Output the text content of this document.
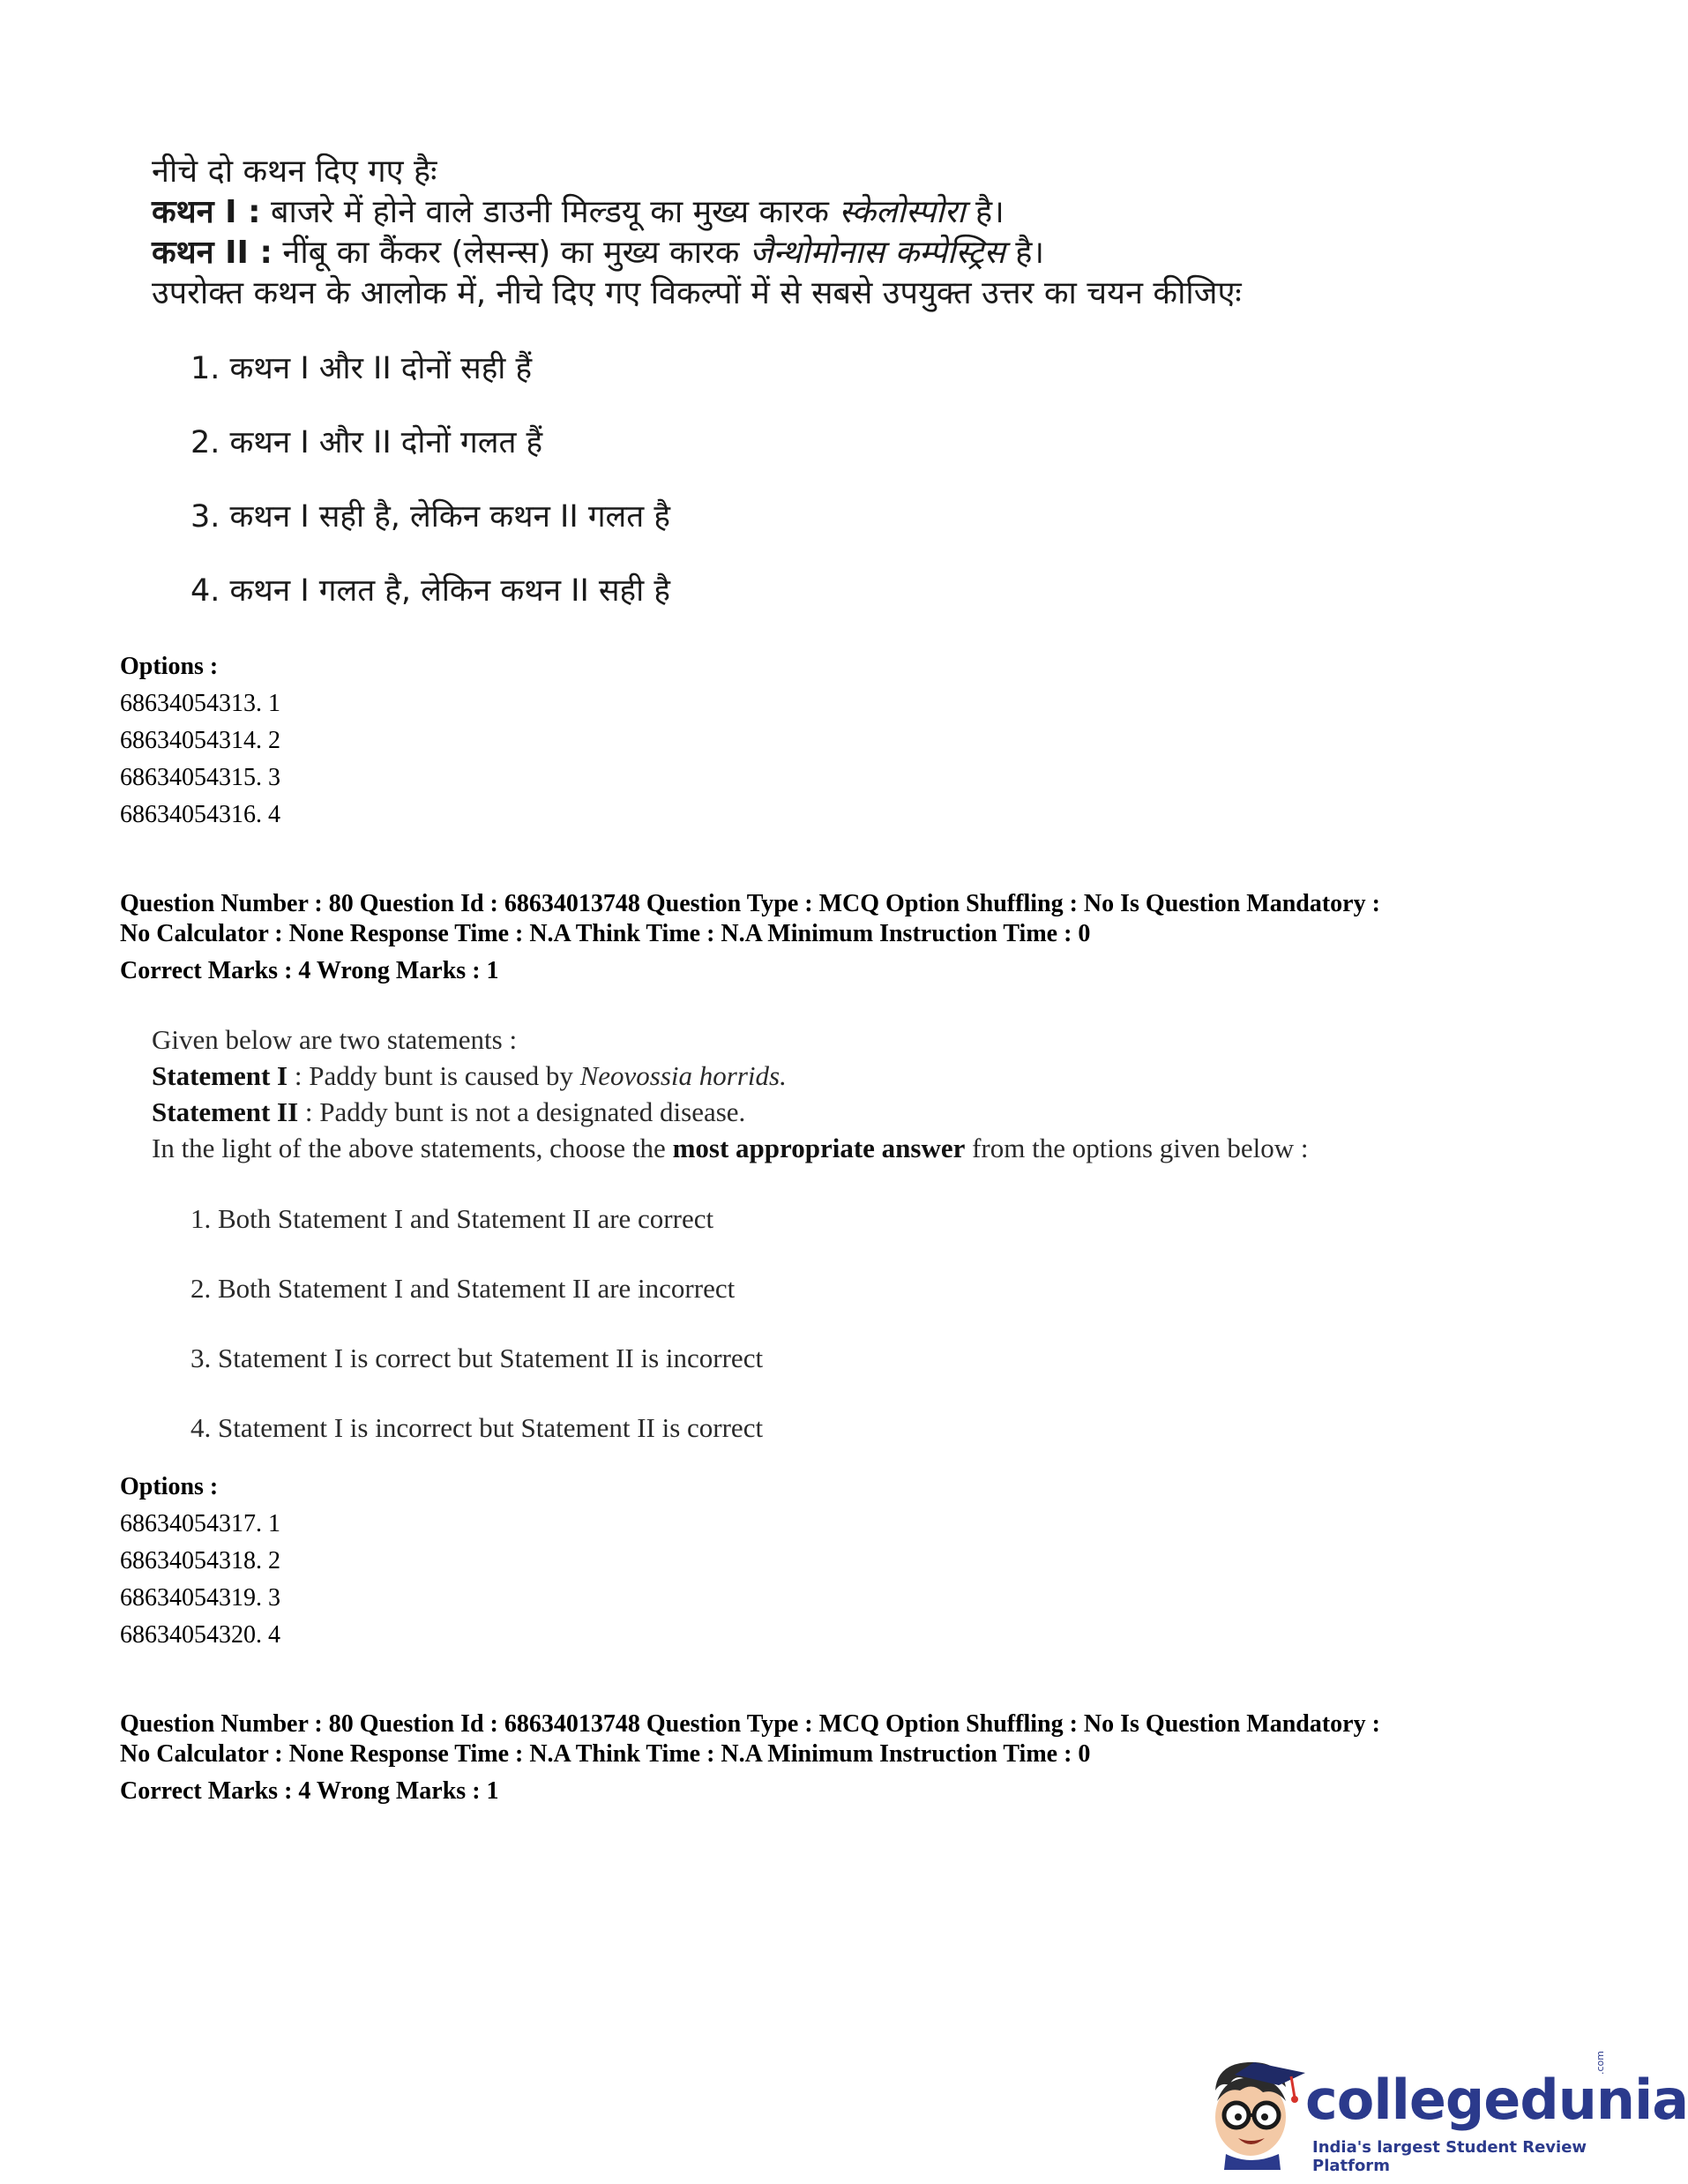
नीचे दो कथन दिए गए हैः
कथन I : बाजरे में होने वाले डाउनी मिल्डयू का मुख्य कारक स्केलोस्पोरा है।
कथन II : नींबू का कैंकर (लेसन्स) का मुख्य कारक जैन्थोमोनास कम्पेस्ट्रिस है।
उपरोक्त कथन के आलोक में, नीचे दिए गए विकल्पों में से सबसे उपयुक्त उत्तर का चयन कीजिएः
1. कथन I और II दोनों सही हैं
2. कथन I और II दोनों गलत हैं
3. कथन I सही है, लेकिन कथन II गलत है
4. कथन I गलत है, लेकिन कथन II सही है
Options :
68634054313. 1
68634054314. 2
68634054315. 3
68634054316. 4
Question Number : 80 Question Id : 68634013748 Question Type : MCQ Option Shuffling : No Is Question Mandatory :
No Calculator : None Response Time : N.A Think Time : N.A Minimum Instruction Time : 0
Correct Marks : 4 Wrong Marks : 1
Given below are two statements :
Statement I : Paddy bunt is caused by Neovossia horrids.
Statement II : Paddy bunt is not a designated disease.
In the light of the above statements, choose the most appropriate answer from the options given below :
1. Both Statement I and Statement II are correct
2. Both Statement I and Statement II are incorrect
3. Statement I is correct but Statement II is incorrect
4. Statement I is incorrect but Statement II is correct
Options :
68634054317. 1
68634054318. 2
68634054319. 3
68634054320. 4
Question Number : 80 Question Id : 68634013748 Question Type : MCQ Option Shuffling : No Is Question Mandatory :
No Calculator : None Response Time : N.A Think Time : N.A Minimum Instruction Time : 0
Correct Marks : 4 Wrong Marks : 1
collegedunia
.com
India's largest Student Review Platform
